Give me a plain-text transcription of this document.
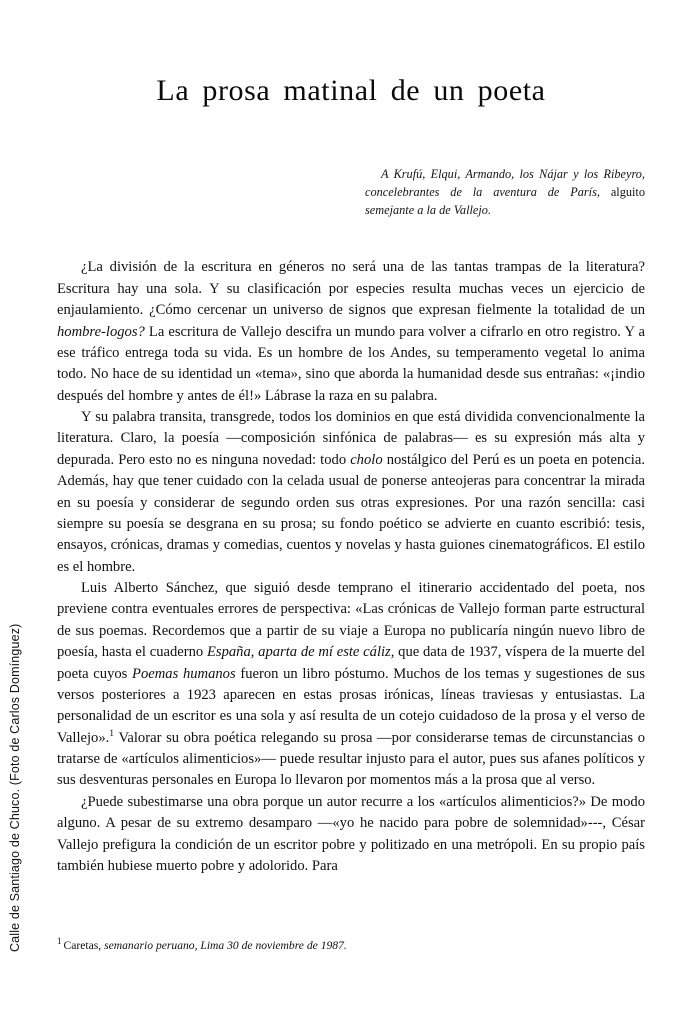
Calle de Santiago de Chuco. (Foto de Carlos Domínguez)
La prosa matinal de un poeta
A Krufú, Elqui, Armando, los Nájar y los Ribeyro, concelebrantes de la aventura de París, alguito semejante a la de Vallejo.

¿La división de la escritura en géneros no será una de las tantas trampas de la literatura? Escritura hay una sola. Y su clasificación por especies resulta muchas veces un ejercicio de enjaulamiento. ¿Cómo cercenar un universo de signos que expresan fielmente la totalidad de un hombre-logos? La escritura de Vallejo descifra un mundo para volver a cifrarlo en otro registro. Y a ese tráfico entrega toda su vida. Es un hombre de los Andes, su temperamento vegetal lo anima todo. No hace de su identidad un «tema», sino que aborda la humanidad desde sus entrañas: «¡indio después del hombre y antes de él!» Lábrase la raza en su palabra.

Y su palabra transita, transgrede, todos los dominios en que está dividida convencionalmente la literatura. Claro, la poesía —composición sinfónica de palabras— es su expresión más alta y depurada. Pero esto no es ninguna novedad: todo cholo nostálgico del Perú es un poeta en potencia. Además, hay que tener cuidado con la celada usual de ponerse anteojeras para concentrar la mirada en su poesía y considerar de segundo orden sus otras expresiones. Por una razón sencilla: casi siempre su poesía se desgrana en su prosa; su fondo poético se advierte en cuanto escribió: tesis, ensayos, crónicas, dramas y comedias, cuentos y novelas y hasta guiones cinematográficos. El estilo es el hombre.

Luis Alberto Sánchez, que siguió desde temprano el itinerario accidentado del poeta, nos previene contra eventuales errores de perspectiva: «Las crónicas de Vallejo forman parte estructural de sus poemas. Recordemos que a partir de su viaje a Europa no publicaría ningún nuevo libro de poesía, hasta el cuaderno España, aparta de mí este cáliz, que data de 1937, víspera de la muerte del poeta cuyos Poemas humanos fueron un libro póstumo. Muchos de los temas y sugestiones de sus versos posteriores a 1923 aparecen en estas prosas irónicas, líneas traviesas y entusiastas. La personalidad de un escritor es una sola y así resulta de un cotejo cuidadoso de la prosa y el verso de Vallejo».$^1$ Valorar su obra poética relegando su prosa —por considerarse temas de circunstancias o tratarse de «artículos alimenticios»— puede resultar injusto para el autor, pues sus afanes políticos y sus desventuras personales en Europa lo llevaron por momentos más a la prosa que al verso.

¿Puede subestimarse una obra porque un autor recurre a los «artículos alimenticios?» De modo alguno. A pesar de su extremo desamparo —«yo he nacido para pobre de solemnidad»---, César Vallejo prefigura la condición de un escritor pobre y politizado en una metrópoli. En su propio país también hubiese muerto pobre y adolorido. Para

$^1$ Caretas, semanario peruano, Lima 30 de noviembre de 1987.
